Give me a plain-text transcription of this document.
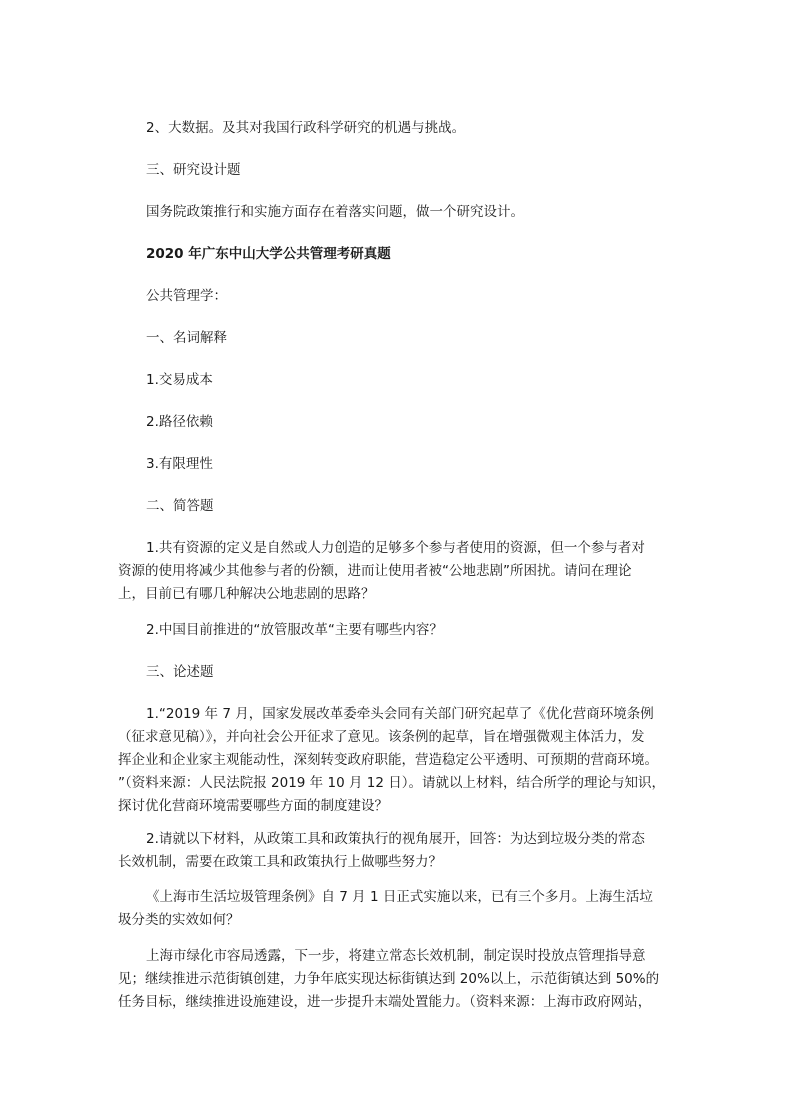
2、大数据。及其对我国行政科学研究的机遇与挑战。

三、研究设计题

国务院政策推行和实施方面存在着落实问题，做一个研究设计。

2020 年广东中山大学公共管理考研真题

公共管理学：

一、名词解释

1.交易成本

2.路径依赖

3.有限理性

二、简答题

1.共有资源的定义是自然或人力创造的足够多个参与者使用的资源，但一个参与者对
资源的使用将减少其他参与者的份额，进而让使用者被“公地悲剧”所困扰。请问在理论
上，目前已有哪几种解决公地悲剧的思路？

2.中国目前推进的“放管服改革“主要有哪些内容？

三、论述题

1.“2019 年 7 月，国家发展改革委牵头会同有关部门研究起草了《优化营商环境条例
（征求意见稿）》，并向社会公开征求了意见。该条例的起草，旨在增强微观主体活力，发
挥企业和企业家主观能动性，深刻转变政府职能，营造稳定公平透明、可预期的营商环境。
”（资料来源：人民法院报 2019 年 10 月 12 日）。请就以上材料，结合所学的理论与知识，
探讨优化营商环境需要哪些方面的制度建设？

2.请就以下材料，从政策工具和政策执行的视角展开，回答：为达到垃圾分类的常态
长效机制，需要在政策工具和政策执行上做哪些努力？

《上海市生活垃圾管理条例》自 7 月 1 日正式实施以来，已有三个多月。上海生活垃
圾分类的实效如何？

上海市绿化市容局透露，下一步，将建立常态长效机制，制定误时投放点管理指导意
见；继续推进示范街镇创建，力争年底实现达标街镇达到 20%以上，示范街镇达到 50%的
任务目标，继续推进设施建设，进一步提升末端处置能力。（资料来源：上海市政府网站，
